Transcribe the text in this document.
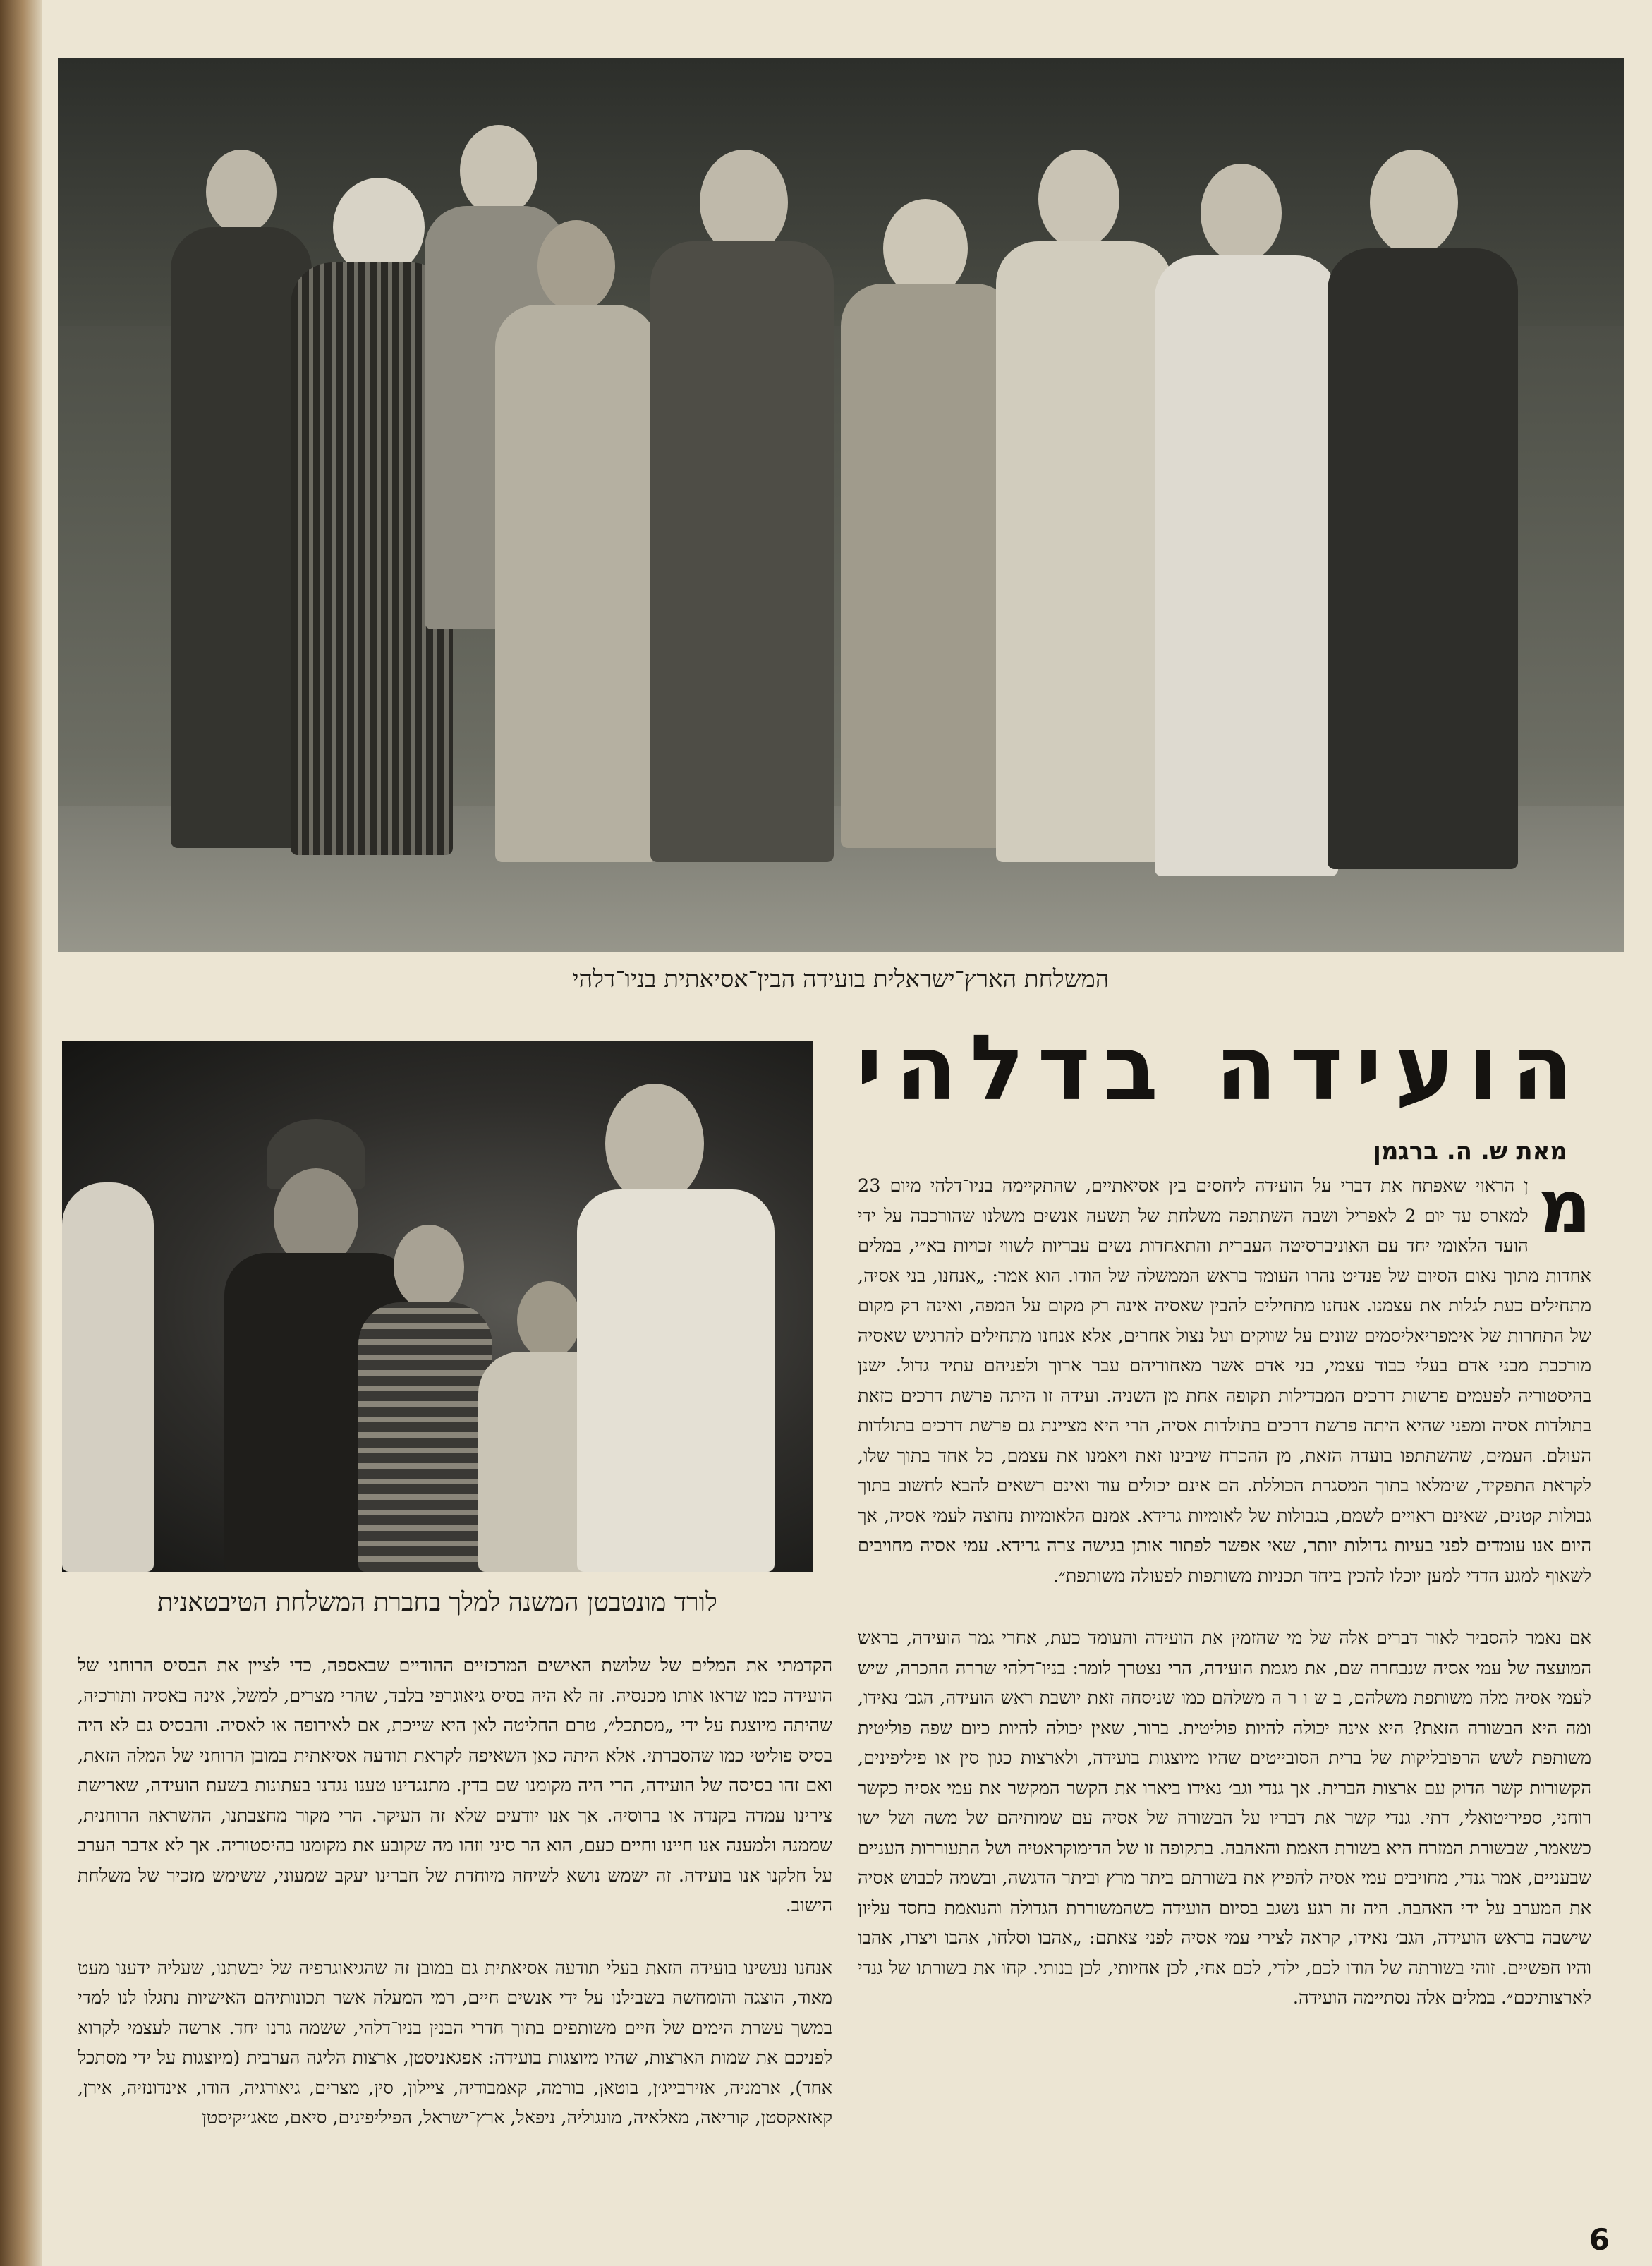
המשלחת הארץ־ישראלית בועידה הבין־אסיאתית בניו־דלהי
לורד מונטבטן המשנה למלך בחברת המשלחת הטיבטאנית
הועידה בדלהי
מאת ש. ה. ברגמן

מ
ן הראוי שאפתח את דברי על הועידה ליחסים בין אסיאתיים, שהתקיימה בניו־דלהי מיום 23 למארס עד יום 2 לאפריל ושבה השתתפה משלחת של תשעה אנשים משלנו שהורכבה על ידי הועד הלאומי יחד עם האוניברסיטה העברית והתאחדות נשים עבריות לשווי זכויות בא״י, במלים אחדות מתוך נאום הסיום של פנדיט נהרו העומד בראש הממשלה של הודו. הוא אמר: „אנחנו, בני אסיה, מתחילים כעת לגלות את עצמנו. אנחנו מתחילים להבין שאסיה אינה רק מקום על המפה, ואינה רק מקום של התחרות של אימפריאליסמים שונים על שווקים ועל נצול אחרים, אלא אנחנו מתחילים להרגיש שאסיה מורכבת מבני אדם בעלי כבוד עצמי, בני אדם אשר מאחוריהם עבר ארוך ולפניהם עתיד גדול. ישנן בהיסטוריה לפעמים פרשות דרכים המבדילות תקופה אחת מן השניה. ועידה זו היתה פרשת דרכים כזאת בתולדות אסיה ומפני שהיא היתה פרשת דרכים בתולדות אסיה, הרי היא מציינת גם פרשת דרכים בתולדות העולם. העמים, שהשתתפו בועדה הזאת, מן ההכרח שיבינו זאת ויאמנו את עצמם, כל אחד בתוך שלו, לקראת התפקיד, שימלאו בתוך המסגרת הכוללת. הם אינם יכולים עוד ואינם רשאים להבא לחשוב בתוך גבולות קטנים, שאינם ראויים לשמם, בגבולות של לאומיות גרידא. אמנם הלאומיות נחוצה לעמי אסיה, אך היום אנו עומדים לפני בעיות גדולות יותר, שאי אפשר לפתור אותן בגישה צרה גרידא. עמי אסיה מחויבים לשאוף למגע הדדי למען יוכלו להכין ביחד תכניות משותפות לפעולה משותפת״.

אם נאמר להסביר לאור דברים אלה של מי שהזמין את הועידה והעומד כעת, אחרי גמר הועידה, בראש המועצה של עמי אסיה שנבחרה שם, את מגמת הועידה, הרי נצטרך לומר: בניו־דלהי שררה ההכרה, שיש לעמי אסיה מלה משותפת משלהם, ב ש ו ר ה משלהם כמו שניסחה זאת יושבת ראש הועידה, הגב׳ נאידו, ומה היא הבשורה הזאת? היא אינה יכולה להיות פוליטית. ברור, שאין יכולה להיות כיום שפה פוליטית משותפת לשש הרפובליקות של ברית הסובייטים שהיו מיוצגות בועידה, ולארצות כגון סין או פיליפינים, הקשורות קשר הדוק עם ארצות הברית. אך גנדי וגב׳ נאידו ביארו את הקשר המקשר את עמי אסיה כקשר רוחני, ספיריטואלי, דתי. גנדי קשר את דבריו על הבשורה של אסיה עם שמותיהם של משה ושל ישו כשאמר, שבשורת המזרח היא בשורת האמת והאהבה. בתקופה זו של הדימוקראטיה ושל התעוררות העניים שבעניים, אמר גנדי, מחויבים עמי אסיה להפיץ את בשורתם ביתר מרץ וביתר הדגשה, ובשמה לכבוש אסיה את המערב על ידי האהבה. היה זה רגע נשגב בסיום הועידה כשהמשוררת הגדולה והנואמת בחסד עליון שישבה בראש הועידה, הגב׳ נאידו, קראה לצירי עמי אסיה לפני צאתם: „אהבו וסלחו, אהבו ויצרו, אהבו והיו חפשיים. זוהי בשורתה של הודו לכם, ילדי, לכם אחי, לכן אחיותי, לכן בנותי. קחו את בשורתו של גנדי לארצותיכם״. במלים אלה נסתיימה הועידה.

הקדמתי את המלים של שלושת האישים המרכזיים ההודיים שבאספה, כדי לציין את הבסיס הרוחני של הועידה כמו שראו אותו מכנסיה. זה לא היה בסיס גיאוגרפי בלבד, שהרי מצרים, למשל, אינה באסיה ותורכיה, שהיתה מיוצגת על ידי „מסתכל״, טרם החליטה לאן היא שייכת, אם לאירופה או לאסיה. והבסיס גם לא היה בסיס פוליטי כמו שהסברתי. אלא היתה כאן השאיפה לקראת תודעה אסיאתית במובן הרוחני של המלה הזאת, ואם זהו בסיסה של הועידה, הרי היה מקומנו שם בדין. מתנגדינו טענו נגדנו בעתונות בשעת הועידה, שארישת צירינו עמדה בקנדה או ברוסיה. אך אנו יודעים שלא זה העיקר. הרי מקור מחצבתנו, ההשראה הרוחנית, שממנה ולמענה אנו חיינו וחיים כעם, הוא הר סיני וזהו מה שקובע את מקומנו בהיסטוריה. אך לא אדבר הערב על חלקנו אנו בועידה. זה ישמש נושא לשיחה מיוחדת של חברינו יעקב שמעוני, ששימש מזכיר של משלחת הישוב.

אנחנו נעשינו בועידה הזאת בעלי תודעה אסיאתית גם במובן זה שהגיאוגרפיה של יבשתנו, שעליה ידענו מעט מאוד, הוצגה והומחשה בשבילנו על ידי אנשים חיים, רמי המעלה אשר תכונותיהם האישיות נתגלו לנו למדי במשך עשרת הימים של חיים משותפים בתוך חדרי הבנין בניו־דלהי, ששמה גרנו יחד. ארשה לעצמי לקרוא לפניכם את שמות הארצות, שהיו מיוצגות בועידה: אפגאניסטן, ארצות הליגה הערבית (מיוצגות על ידי מסתכל אחד), ארמניה, אזירבייג׳ן, בוטאן, בורמה, קאמבודיה, ציילון, סין, מצרים, גיאורגיה, הודו, אינדונזיה, אירן, קאזאקסטן, קוריאה, מאלאיה, מונגוליה, ניפאל, ארץ־ישראל, הפיליפינים, סיאם, טאג׳יקיסטן

6
